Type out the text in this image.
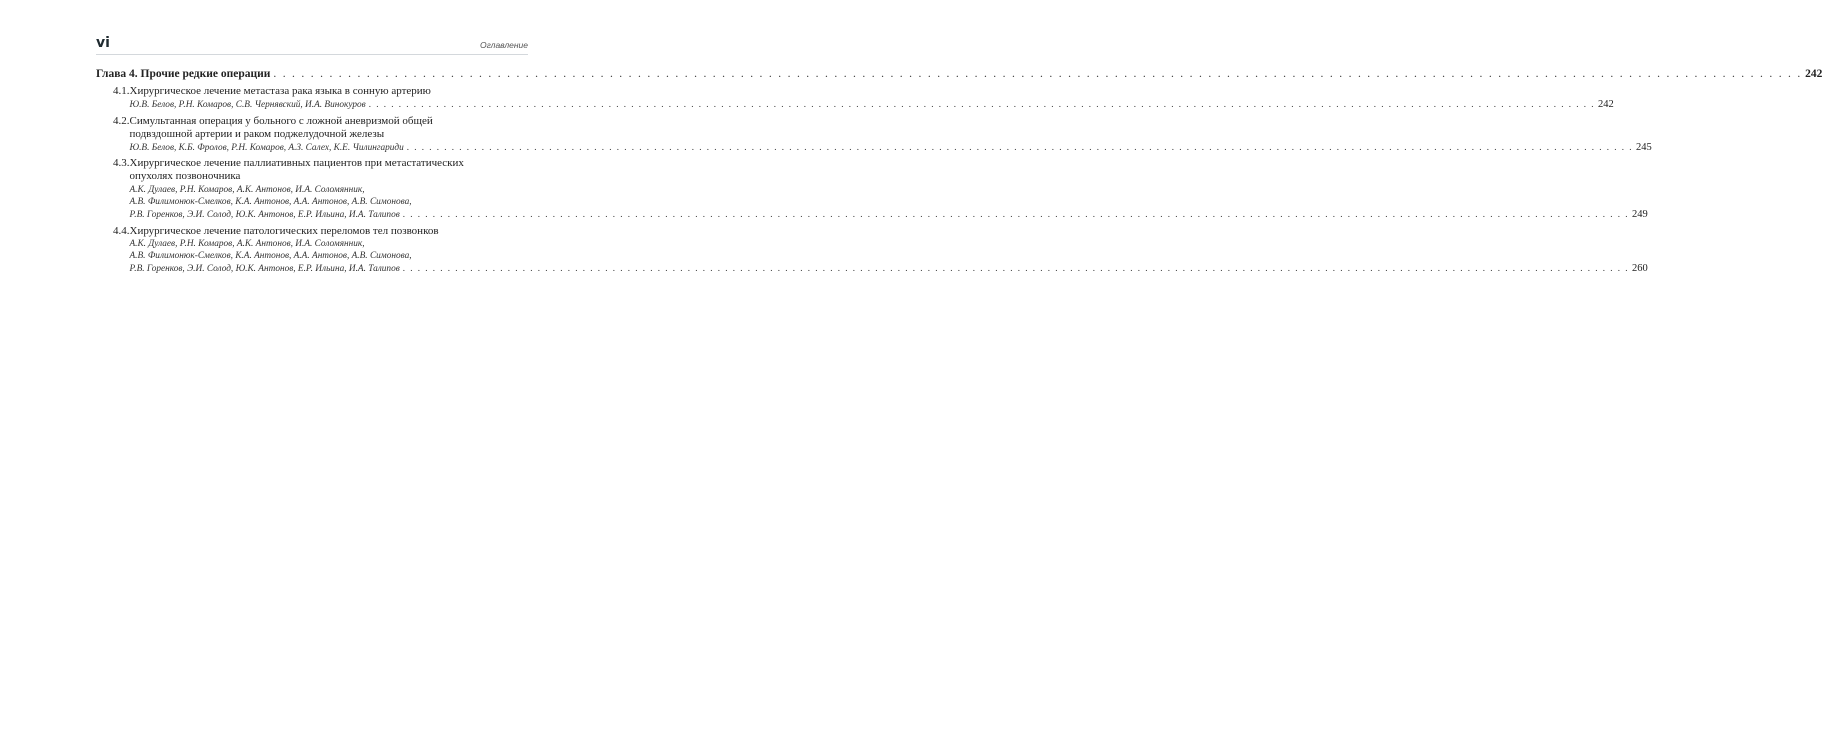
vi	Оглавление
Глава 4. Прочие редкие операции . . .	242
4.1. Хирургическое лечение метастаза рака языка в сонную артерию
Ю.В. Белов, Р.Н. Комаров, С.В. Чернявский, И.А. Винокуров . . .	242
4.2. Симультанная операция у больного с ложной аневризмой общей
подвздошной артерии и раком поджелудочной железы
Ю.В. Белов, К.Б. Фролов, Р.Н. Комаров, А.З. Салех, К.Е. Чилингариди . . .	245
4.3. Хирургическое лечение паллиативных пациентов при метастатических
опухолях позвоночника
А.К. Дулаев, Р.Н. Комаров, А.К. Антонов, И.А. Соломянник,
А.В. Филимонюк-Смелков, К.А. Антонов, А.А. Антонов, А.В. Симонова,
Р.В. Горенков, Э.И. Солод, Ю.К. Антонов, Е.Р. Ильина, И.А. Талипов . . .	249
4.4. Хирургическое лечение патологических переломов тел позвонков
А.К. Дулаев, Р.Н. Комаров, А.К. Антонов, И.А. Соломянник,
А.В. Филимонюк-Смелков, К.А. Антонов, А.А. Антонов, А.В. Симонова,
Р.В. Горенков, Э.И. Солод, Ю.К. Антонов, Е.Р. Ильина, И.А. Талипов . . .	260
